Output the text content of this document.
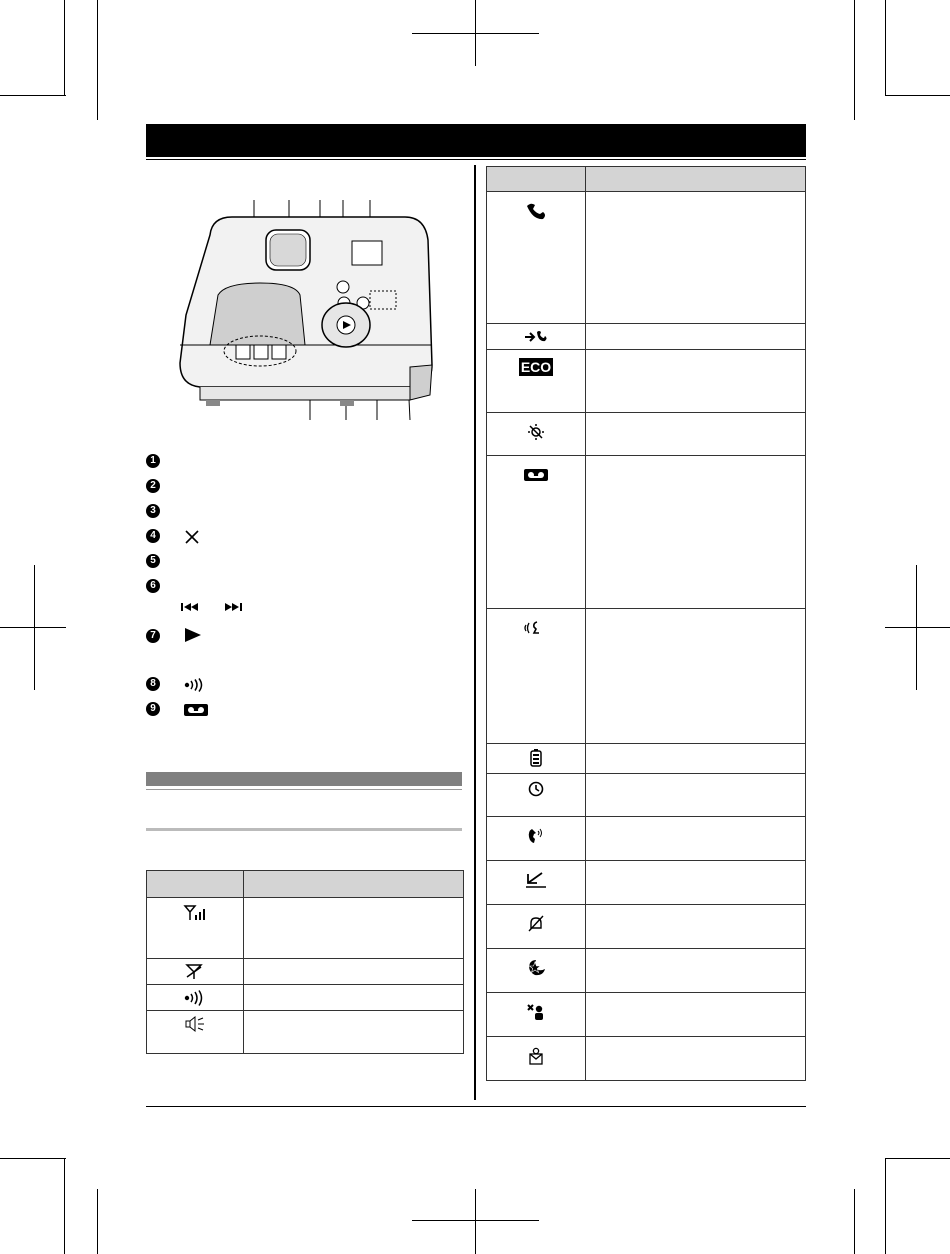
1
2
3
4
5
6
7
8
9
ECO
